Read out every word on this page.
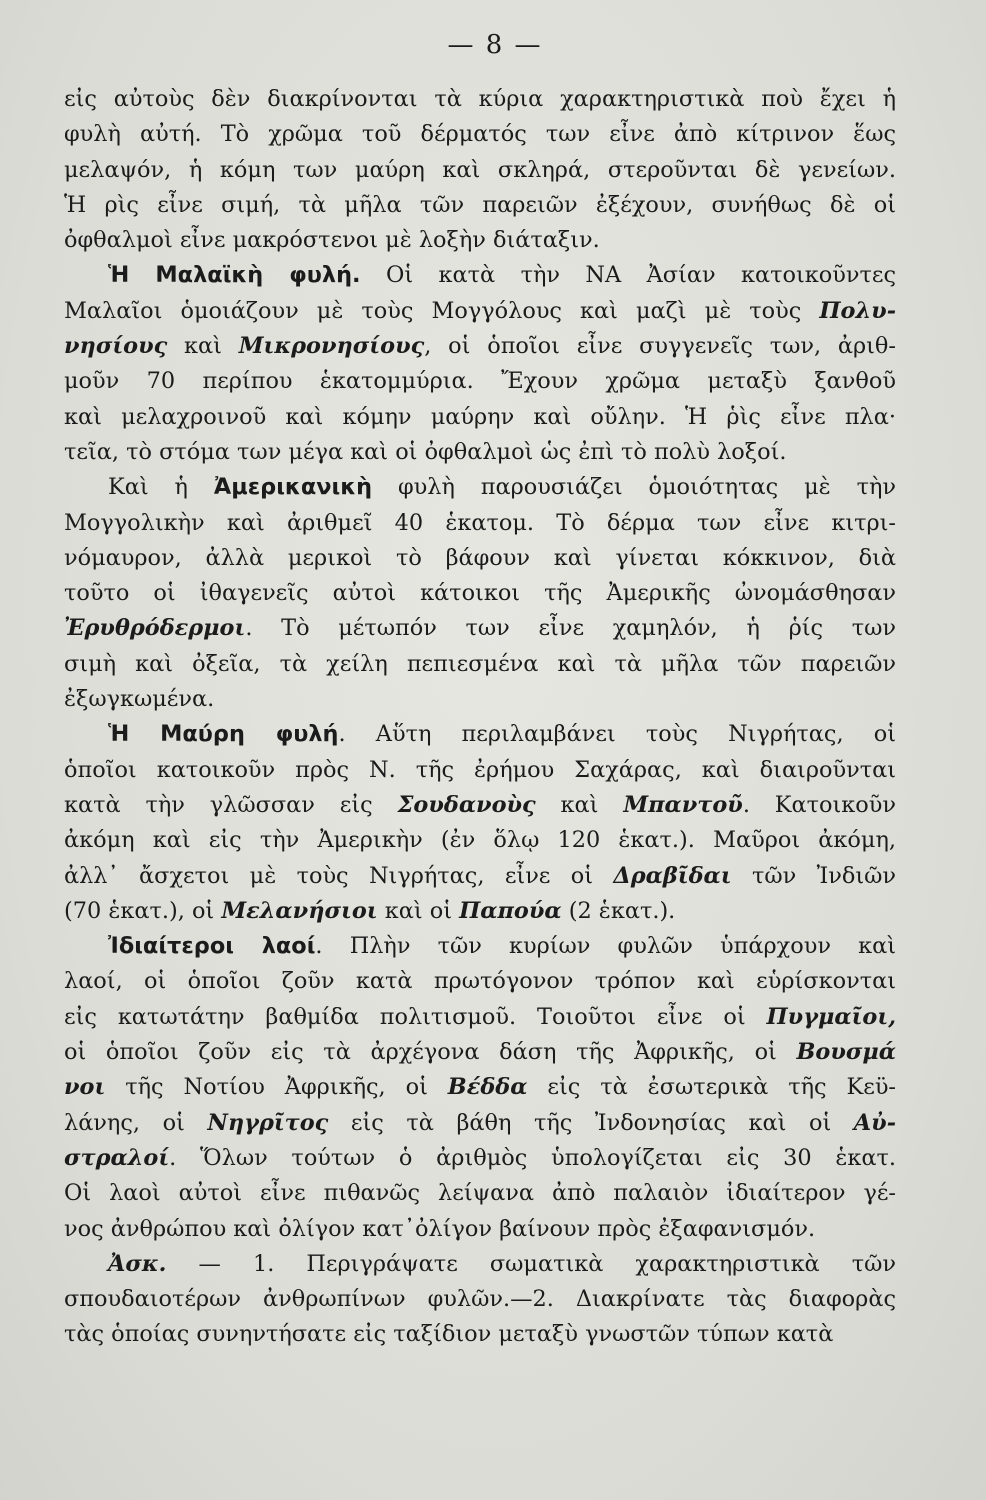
— 8 —
εἰς αὐτοὺς δὲν διακρίνονται τὰ κύρια χαρακτηριστικὰ ποὺ ἔχει ἡ
φυλὴ αὐτή. Τὸ χρῶμα τοῦ δέρματός των εἶνε ἀπὸ κίτρινον ἕως
μελαψόν, ἡ κόμη των μαύρη καὶ σκληρά, στεροῦνται δὲ γενείων.
Ἡ ρὶς εἶνε σιμή, τὰ μῆλα τῶν παρειῶν ἐξέχουν, συνήθως δὲ οἱ
ὀφθαλμοὶ εἶνε μακρόστενοι μὲ λοξὴν διάταξιν.
Ἡ Μαλαϊκὴ φυλή. Οἱ κατὰ τὴν ΝΑ Ἀσίαν κατοικοῦντες
Μαλαῖοι ὁμοιάζουν μὲ τοὺς Μογγόλους καὶ μαζὶ μὲ τοὺς Πολυ-
νησίους καὶ Μικρονησίους, οἱ ὁποῖοι εἶνε συγγενεῖς των, ἀριθ-
μοῦν 70 περίπου ἑκατομμύρια. Ἔχουν χρῶμα μεταξὺ ξανθοῦ
καὶ μελαχροινοῦ καὶ κόμην μαύρην καὶ οὔλην. Ἡ ῥὶς εἶνε πλα·
τεῖα, τὸ στόμα των μέγα καὶ οἱ ὀφθαλμοὶ ὡς ἐπὶ τὸ πολὺ λοξοί.
Καὶ ἡ Ἀμερικανικὴ φυλὴ παρουσιάζει ὁμοιότητας μὲ τὴν
Μογγολικὴν καὶ ἀριθμεῖ 40 ἑκατομ. Τὸ δέρμα των εἶνε κιτρι-
νόμαυρον, ἀλλὰ μερικοὶ τὸ βάφουν καὶ γίνεται κόκκινον, διὰ
τοῦτο οἱ ἰθαγενεῖς αὐτοὶ κάτοικοι τῆς Ἀμερικῆς ὠνομάσθησαν
Ἐρυθρόδερμοι. Τὸ μέτωπόν των εἶνε χαμηλόν, ἡ ῥίς των
σιμὴ καὶ ὀξεῖα, τὰ χείλη πεπιεσμένα καὶ τὰ μῆλα τῶν παρειῶν
ἐξωγκωμένα.
Ἡ Μαύρη φυλή. Αὕτη περιλαμβάνει τοὺς Νιγρήτας, οἱ
ὁποῖοι κατοικοῦν πρὸς Ν. τῆς ἐρήμου Σαχάρας, καὶ διαιροῦνται
κατὰ τὴν γλῶσσαν εἰς Σουδανοὺς καὶ Μπαντοῦ. Κατοικοῦν
ἀκόμη καὶ εἰς τὴν Ἀμερικὴν (ἐν ὅλῳ 120 ἑκατ.). Μαῦροι ἀκόμη,
ἀλλ᾽ ἄσχετοι μὲ τοὺς Νιγρήτας, εἶνε οἱ Δραβῖδαι τῶν Ἰνδιῶν
(70 ἑκατ.), οἱ Μελανήσιοι καὶ οἱ Παπούα (2 ἑκατ.).
Ἰδιαίτεροι λαοί. Πλὴν τῶν κυρίων φυλῶν ὑπάρχουν καὶ
λαοί, οἱ ὁποῖοι ζοῦν κατὰ πρωτόγονον τρόπον καὶ εὑρίσκονται
εἰς κατωτάτην βαθμίδα πολιτισμοῦ. Τοιοῦτοι εἶνε οἱ Πυγμαῖοι,
οἱ ὁποῖοι ζοῦν εἰς τὰ ἀρχέγονα δάση τῆς Ἀφρικῆς, οἱ Βουσμά
νοι τῆς Νοτίου Ἀφρικῆς, οἱ Βέδδα εἰς τὰ ἐσωτερικὰ τῆς Κεϋ-
λάνης, οἱ Νηγρῖτος εἰς τὰ βάθη τῆς Ἰνδονησίας καὶ οἱ Αὐ-
στραλοί. Ὅλων τούτων ὁ ἀριθμὸς ὑπολογίζεται εἰς 30 ἑκατ.
Οἱ λαοὶ αὐτοὶ εἶνε πιθανῶς λείψανα ἀπὸ παλαιὸν ἰδιαίτερον γέ-
νος ἀνθρώπου καὶ ὀλίγον κατ᾽ὀλίγον βαίνουν πρὸς ἐξαφανισμόν.
Ἀσκ. — 1. Περιγράψατε σωματικὰ χαρακτηριστικὰ τῶν
σπουδαιοτέρων ἀνθρωπίνων φυλῶν.—2. Διακρίνατε τὰς διαφορὰς
τὰς ὁποίας συνηντήσατε εἰς ταξίδιον μεταξὺ γνωστῶν τύπων κατὰ
